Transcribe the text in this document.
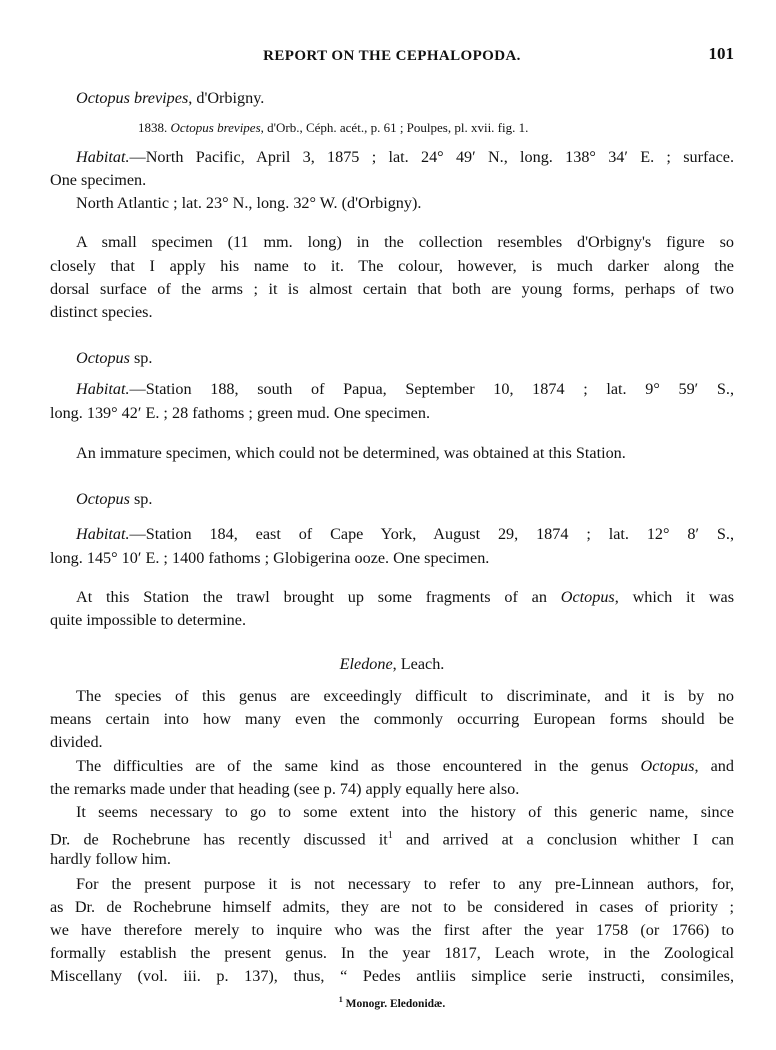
REPORT ON THE CEPHALOPODA.	101
Octopus brevipes, d'Orbigny.
1838. Octopus brevipes, d'Orb., Céph. acét., p. 61 ; Poulpes, pl. xvii. fig. 1.
Habitat.—North Pacific, April 3, 1875 ; lat. 24° 49′ N., long. 138° 34′ E. ; surface.
One specimen.
North Atlantic ; lat. 23° N., long. 32° W. (d'Orbigny).
A small specimen (11 mm. long) in the collection resembles d'Orbigny's figure so
closely that I apply his name to it. The colour, however, is much darker along the
dorsal surface of the arms ; it is almost certain that both are young forms, perhaps of two
distinct species.
Octopus sp.
Habitat.—Station 188, south of Papua, September 10, 1874 ; lat. 9° 59′ S.,
long. 139° 42′ E. ; 28 fathoms ; green mud. One specimen.
An immature specimen, which could not be determined, was obtained at this Station.
Octopus sp.
Habitat.—Station 184, east of Cape York, August 29, 1874 ; lat. 12° 8′ S.,
long. 145° 10′ E. ; 1400 fathoms ; Globigerina ooze. One specimen.
At this Station the trawl brought up some fragments of an Octopus, which it was
quite impossible to determine.
Eledone, Leach.
The species of this genus are exceedingly difficult to discriminate, and it is by no
means certain into how many even the commonly occurring European forms should be
divided.
The difficulties are of the same kind as those encountered in the genus Octopus, and
the remarks made under that heading (see p. 74) apply equally here also.
It seems necessary to go to some extent into the history of this generic name, since
Dr. de Rochebrune has recently discussed $it^1$ and arrived at a conclusion whither I can
hardly follow him.
For the present purpose it is not necessary to refer to any pre-Linnean authors, for,
as Dr. de Rochebrune himself admits, they are not to be considered in cases of priority ;
we have therefore merely to inquire who was the first after the year 1758 (or 1766) to
formally establish the present genus. In the year 1817, Leach wrote, in the Zoological
Miscellany (vol. iii. p. 137), thus, “ Pedes antliis simplice serie instructi, consimiles,
$^1$ Monogr. Eledonidæ.
